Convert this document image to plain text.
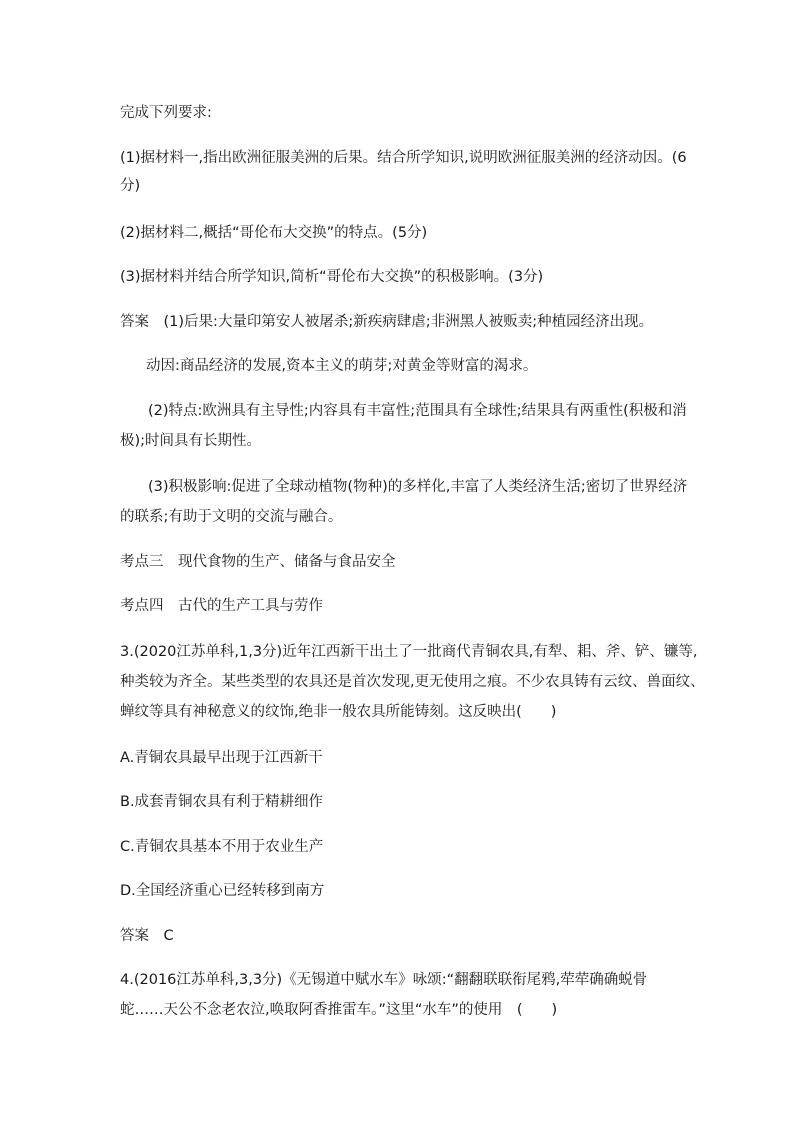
完成下列要求:
(1)据材料一,指出欧洲征服美洲的后果。结合所学知识,说明欧洲征服美洲的经济动因。(6
分)
(2)据材料二,概括“哥伦布大交换”的特点。(5分)
(3)据材料并结合所学知识,简析“哥伦布大交换”的积极影响。(3分)
答案　(1)后果:大量印第安人被屠杀;新疾病肆虐;非洲黑人被贩卖;种植园经济出现。
动因:商品经济的发展,资本主义的萌芽;对黄金等财富的渴求。
(2)特点:欧洲具有主导性;内容具有丰富性;范围具有全球性;结果具有两重性(积极和消
极);时间具有长期性。
(3)积极影响:促进了全球动植物(物种)的多样化,丰富了人类经济生活;密切了世界经济
的联系;有助于文明的交流与融合。
考点三　现代食物的生产、储备与食品安全
考点四　古代的生产工具与劳作
3.(2020江苏单科,1,3分)近年江西新干出土了一批商代青铜农具,有犁、耜、斧、铲、镰等,
种类较为齐全。某些类型的农具还是首次发现,更无使用之痕。不少农具铸有云纹、兽面纹、
蝉纹等具有神秘意义的纹饰,绝非一般农具所能铸刻。这反映出(　　)
A.青铜农具最早出现于江西新干
B.成套青铜农具有利于精耕细作
C.青铜农具基本不用于农业生产
D.全国经济重心已经转移到南方
答案　C
4.(2016江苏单科,3,3分)《无锡道中赋水车》咏颂:“翻翻联联衔尾鸦,荦荦确确蜕骨
蛇……天公不念老农泣,唤取阿香推雷车。”这里“水车”的使用　(　　)
